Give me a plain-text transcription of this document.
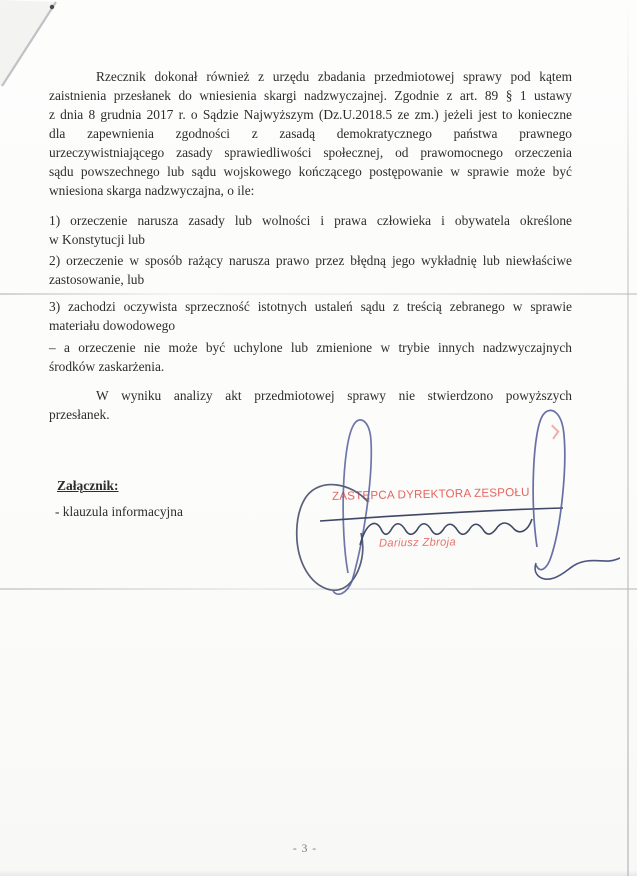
Rzecznik dokonał również z urzędu zbadania przedmiotowej sprawy pod kątem
zaistnienia przesłanek do wniesienia skargi nadzwyczajnej. Zgodnie z art. 89 § 1 ustawy
z dnia 8 grudnia 2017 r. o Sądzie Najwyższym (Dz.U.2018.5 ze zm.) jeżeli jest to konieczne
dla zapewnienia zgodności z zasadą demokratycznego państwa prawnego
urzeczywistniającego zasady sprawiedliwości społecznej, od prawomocnego orzeczenia
sądu powszechnego lub sądu wojskowego kończącego postępowanie w sprawie może być
wniesiona skarga nadzwyczajna, o ile:
1) orzeczenie narusza zasady lub wolności i prawa człowieka i obywatela określone
w Konstytucji lub
2) orzeczenie w sposób rażący narusza prawo przez błędną jego wykładnię lub niewłaściwe
zastosowanie, lub
3) zachodzi oczywista sprzeczność istotnych ustaleń sądu z treścią zebranego w sprawie
materiału dowodowego
– a orzeczenie nie może być uchylone lub zmienione w trybie innych nadzwyczajnych
środków zaskarżenia.
W wyniku analizy akt przedmiotowej sprawy nie stwierdzono powyższych
przesłanek.
Załącznik:
- klauzula informacyjna
ZASTĘPCA DYREKTORA ZESPOŁU
Dariusz Zbroja
- 3 -
